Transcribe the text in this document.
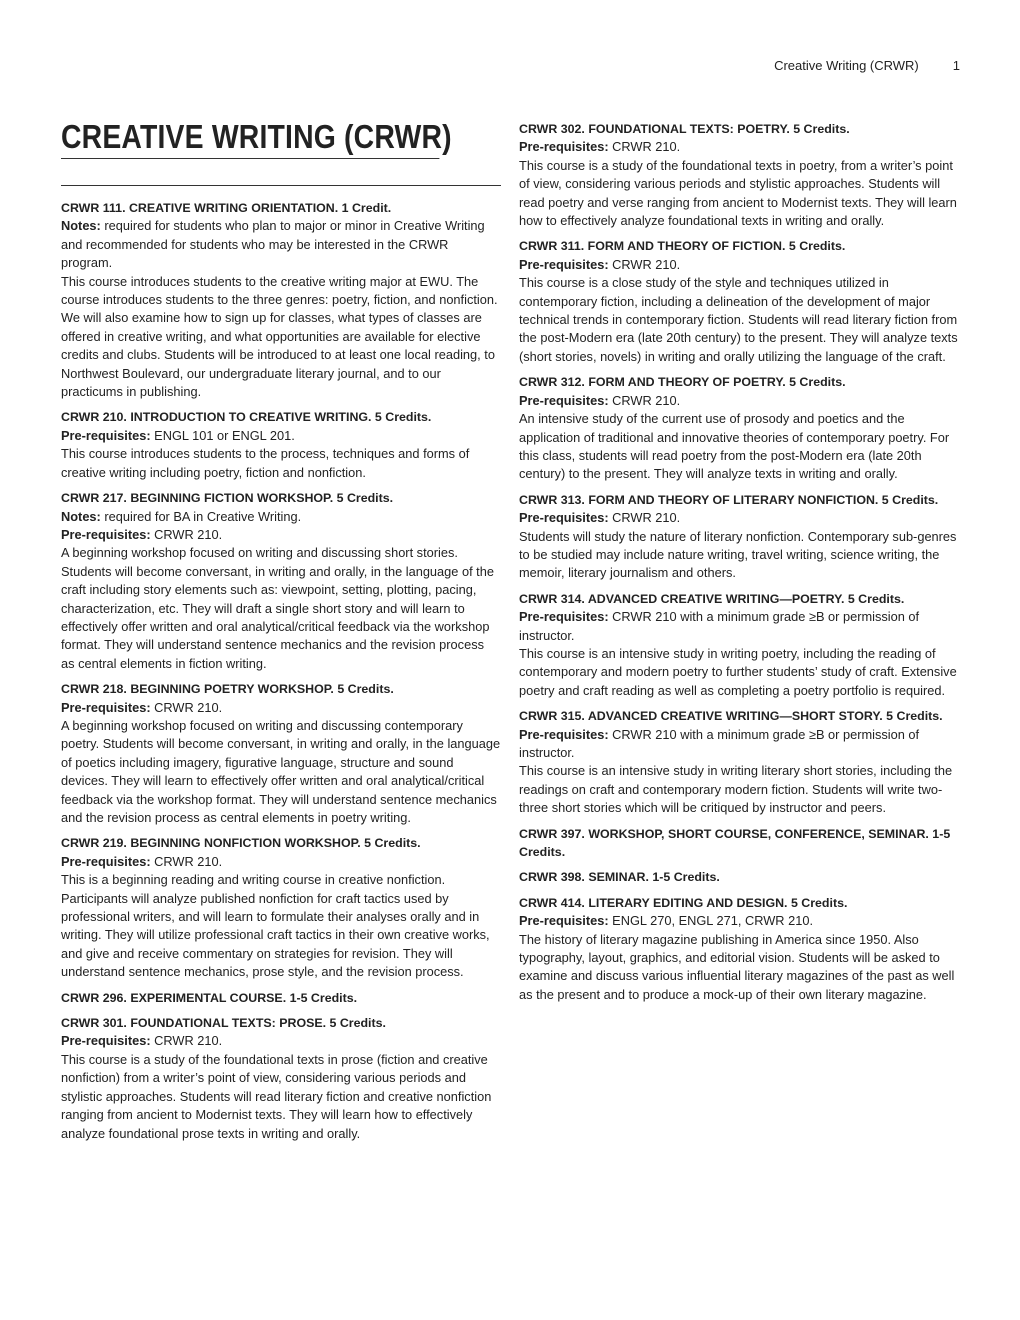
Creative Writing (CRWR)	1
CREATIVE WRITING (CRWR)

CRWR 111. CREATIVE WRITING ORIENTATION. 1 Credit.

Notes: required for students who plan to major or minor in Creative Writing and recommended for students who may be interested in the CRWR program.

This course introduces students to the creative writing major at EWU. The course introduces students to the three genres: poetry, fiction, and nonfiction. We will also examine how to sign up for classes, what types of classes are offered in creative writing, and what opportunities are available for elective credits and clubs. Students will be introduced to at least one local reading, to Northwest Boulevard, our undergraduate literary journal, and to our practicums in publishing.

CRWR 210. INTRODUCTION TO CREATIVE WRITING. 5 Credits.

Pre-requisites: ENGL 101 or ENGL 201.

This course introduces students to the process, techniques and forms of creative writing including poetry, fiction and nonfiction.

CRWR 217. BEGINNING FICTION WORKSHOP. 5 Credits.

Notes: required for BA in Creative Writing.

Pre-requisites: CRWR 210.

A beginning workshop focused on writing and discussing short stories. Students will become conversant, in writing and orally, in the language of the craft including story elements such as: viewpoint, setting, plotting, pacing, characterization, etc. They will draft a single short story and will learn to effectively offer written and oral analytical/critical feedback via the workshop format. They will understand sentence mechanics and the revision process as central elements in fiction writing.

CRWR 218. BEGINNING POETRY WORKSHOP. 5 Credits.

Pre-requisites: CRWR 210.

A beginning workshop focused on writing and discussing contemporary poetry. Students will become conversant, in writing and orally, in the language of poetics including imagery, figurative language, structure and sound devices. They will learn to effectively offer written and oral analytical/critical feedback via the workshop format. They will understand sentence mechanics and the revision process as central elements in poetry writing.

CRWR 219. BEGINNING NONFICTION WORKSHOP. 5 Credits.

Pre-requisites: CRWR 210.

This is a beginning reading and writing course in creative nonfiction. Participants will analyze published nonfiction for craft tactics used by professional writers, and will learn to formulate their analyses orally and in writing. They will utilize professional craft tactics in their own creative works, and give and receive commentary on strategies for revision. They will understand sentence mechanics, prose style, and the revision process.

CRWR 296. EXPERIMENTAL COURSE. 1-5 Credits.

CRWR 301. FOUNDATIONAL TEXTS: PROSE. 5 Credits.

Pre-requisites: CRWR 210.

This course is a study of the foundational texts in prose (fiction and creative nonfiction) from a writer’s point of view, considering various periods and stylistic approaches. Students will read literary fiction and creative nonfiction ranging from ancient to Modernist texts. They will learn how to effectively analyze foundational prose texts in writing and orally.

CRWR 302. FOUNDATIONAL TEXTS: POETRY. 5 Credits.

Pre-requisites: CRWR 210.

This course is a study of the foundational texts in poetry, from a writer’s point of view, considering various periods and stylistic approaches. Students will read poetry and verse ranging from ancient to Modernist texts. They will learn how to effectively analyze foundational texts in writing and orally.

CRWR 311. FORM AND THEORY OF FICTION. 5 Credits.

Pre-requisites: CRWR 210.

This course is a close study of the style and techniques utilized in contemporary fiction, including a delineation of the development of major technical trends in contemporary fiction. Students will read literary fiction from the post-Modern era (late 20th century) to the present. They will analyze texts (short stories, novels) in writing and orally utilizing the language of the craft.

CRWR 312. FORM AND THEORY OF POETRY. 5 Credits.

Pre-requisites: CRWR 210.

An intensive study of the current use of prosody and poetics and the application of traditional and innovative theories of contemporary poetry. For this class, students will read poetry from the post-Modern era (late 20th century) to the present. They will analyze texts in writing and orally.

CRWR 313. FORM AND THEORY OF LITERARY NONFICTION. 5 Credits.

Pre-requisites: CRWR 210.

Students will study the nature of literary nonfiction. Contemporary sub-genres to be studied may include nature writing, travel writing, science writing, the memoir, literary journalism and others.

CRWR 314. ADVANCED CREATIVE WRITING—POETRY. 5 Credits.

Pre-requisites: CRWR 210 with a minimum grade ≥B or permission of instructor.

This course is an intensive study in writing poetry, including the reading of contemporary and modern poetry to further students’ study of craft. Extensive poetry and craft reading as well as completing a poetry portfolio is required.

CRWR 315. ADVANCED CREATIVE WRITING—SHORT STORY. 5 Credits.

Pre-requisites: CRWR 210 with a minimum grade ≥B or permission of instructor.

This course is an intensive study in writing literary short stories, including the readings on craft and contemporary modern fiction. Students will write two-three short stories which will be critiqued by instructor and peers.

CRWR 397. WORKSHOP, SHORT COURSE, CONFERENCE, SEMINAR. 1-5 Credits.

CRWR 398. SEMINAR. 1-5 Credits.

CRWR 414. LITERARY EDITING AND DESIGN. 5 Credits.

Pre-requisites: ENGL 270, ENGL 271, CRWR 210.

The history of literary magazine publishing in America since 1950. Also typography, layout, graphics, and editorial vision. Students will be asked to examine and discuss various influential literary magazines of the past as well as the present and to produce a mock-up of their own literary magazine.
